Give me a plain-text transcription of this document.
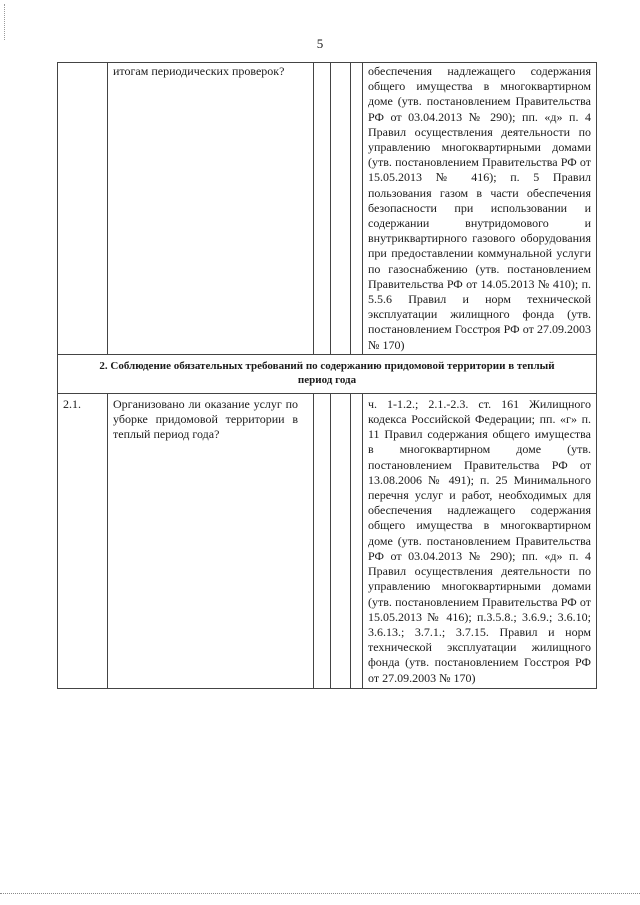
5

	итогам периодических проверок?				обеспечения надлежащего содержания общего имущества в многоквартирном доме (утв. постановлением Правительства РФ от 03.04.2013 № 290); пп. «д» п. 4 Правил осуществления деятельности по управлению многоквартирными домами (утв. постановлением Правительства РФ от 15.05.2013 № 416); п. 5 Правил пользования газом в части обеспечения безопасности при использовании и содержании внутридомового и внутриквартирного газового оборудования при предоставлении коммунальной услуги по газоснабжению (утв. постановлением Правительства РФ от 14.05.2013 № 410); п. 5.5.6 Правил и норм технической эксплуатации жилищного фонда (утв. постановлением Госстроя РФ от 27.09.2003 № 170)
2. Соблюдение обязательных требований по содержанию придомовой территории в теплый период года					
2.1.	Организовано ли оказание услуг по уборке придомовой территории в теплый период года?				ч. 1-1.2.; 2.1.-2.3. ст. 161 Жилищного кодекса Российской Федерации; пп. «г» п. 11 Правил содержания общего имущества в многоквартирном доме (утв. постановлением Правительства РФ от 13.08.2006 № 491); п. 25 Минимального перечня услуг и работ, необходимых для обеспечения надлежащего содержания общего имущества в многоквартирном доме (утв. постановлением Правительства РФ от 03.04.2013 № 290); пп. «д» п. 4 Правил осуществления деятельности по управлению многоквартирными домами (утв. постановлением Правительства РФ от 15.05.2013 № 416); п.3.5.8.; 3.6.9.; 3.6.10; 3.6.13.; 3.7.1.; 3.7.15. Правил и норм технической эксплуатации жилищного фонда (утв. постановлением Госстроя РФ от 27.09.2003 № 170)
